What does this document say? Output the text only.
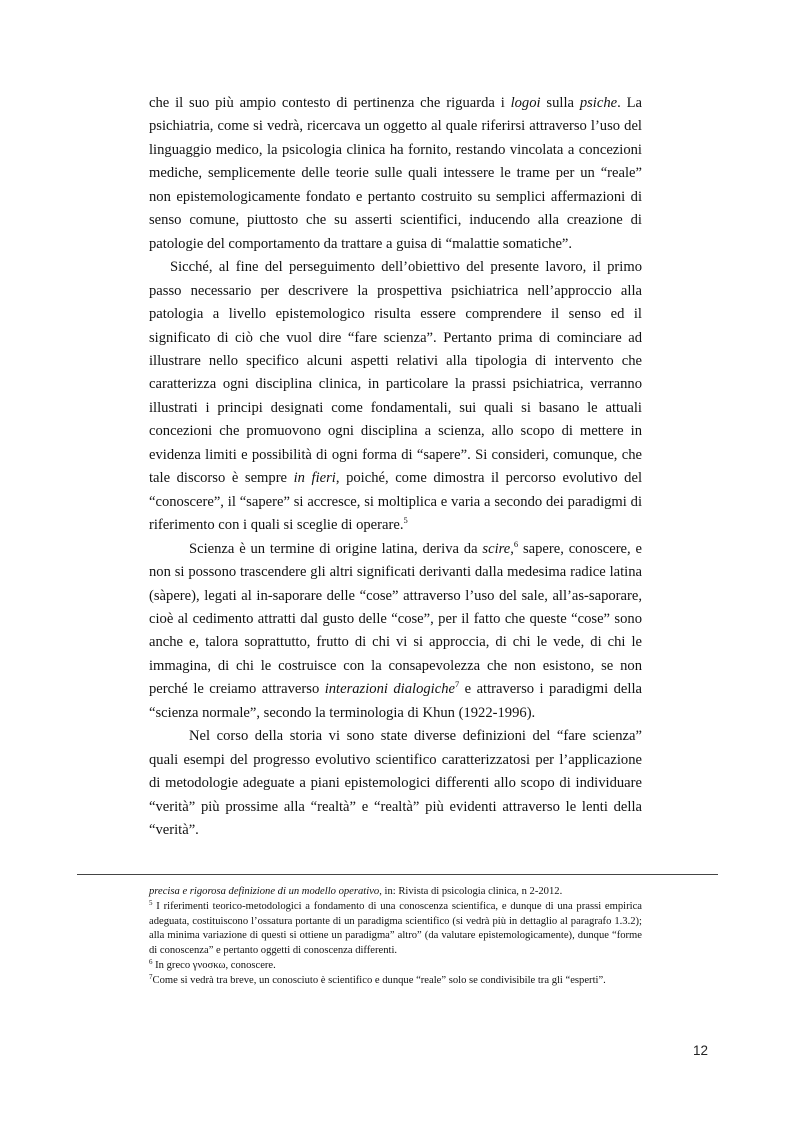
che il suo più ampio contesto di pertinenza che riguarda i logoi sulla psiche. La psichiatria, come si vedrà, ricercava un oggetto al quale riferirsi attraverso l’uso del linguaggio medico, la psicologia clinica ha fornito, restando vincolata a concezioni mediche, semplicemente delle teorie sulle quali intessere le trame per un “reale” non epistemologicamente fondato e pertanto costruito su semplici affermazioni di senso comune, piuttosto che su asserti scientifici, inducendo alla creazione di patologie del comportamento da trattare a guisa di “malattie somatiche”.

Sicché, al fine del perseguimento dell’obiettivo del presente lavoro, il primo passo necessario per descrivere la prospettiva psichiatrica nell’approccio alla patologia a livello epistemologico risulta essere comprendere il senso ed il significato di ciò che vuol dire “fare scienza”. Pertanto prima di cominciare ad illustrare nello specifico alcuni aspetti relativi alla tipologia di intervento che caratterizza ogni disciplina clinica, in particolare la prassi psichiatrica, verranno illustrati i principi designati come fondamentali, sui quali si basano le attuali concezioni che promuovono ogni disciplina a scienza, allo scopo di mettere in evidenza limiti e possibilità di ogni forma di “sapere”. Si consideri, comunque, che tale discorso è sempre in fieri, poiché, come dimostra il percorso evolutivo del “conoscere”, il “sapere” si accresce, si moltiplica e varia a secondo dei paradigmi di riferimento con i quali si sceglie di operare.$^5$

Scienza è un termine di origine latina, deriva da scire,$^6$ sapere, conoscere, e non si possono trascendere gli altri significati derivanti dalla medesima radice latina (sàpere), legati al in-saporare delle “cose” attraverso l’uso del sale, all’as-saporare, cioè al cedimento attratti dal gusto delle “cose”, per il fatto che queste “cose” sono anche e, talora soprattutto, frutto di chi vi si approccia, di chi le vede, di chi le immagina, di chi le costruisce con la consapevolezza che non esistono, se non perché le creiamo attraverso interazioni dialogiche$^7$ e attraverso i paradigmi della “scienza normale”, secondo la terminologia di Khun (1922-1996).

Nel corso della storia vi sono state diverse definizioni del “fare scienza” quali esempi del progresso evolutivo scientifico caratterizzatosi per l’applicazione di metodologie adeguate a piani epistemologici differenti allo scopo di individuare “verità” più prossime alla “realtà” e “realtà” più evidenti attraverso le lenti della “verità”.

precisa e rigorosa definizione di un modello operativo, in: Rivista di psicologia clinica, n 2-2012.

$^5$ I riferimenti teorico-metodologici a fondamento di una conoscenza scientifica, e dunque di una prassi empirica adeguata, costituiscono l’ossatura portante di un paradigma scientifico (si vedrà più in dettaglio al paragrafo 1.3.2); alla minima variazione di questi si ottiene un paradigma” altro” (da valutare epistemologicamente), dunque “forme di conoscenza” e pertanto oggetti di conoscenza differenti.

$^6$ In greco γνοσκω, conoscere.

$^7$Come si vedrà tra breve, un conosciuto è scientifico e dunque “reale” solo se condivisibile tra gli “esperti”.

12
